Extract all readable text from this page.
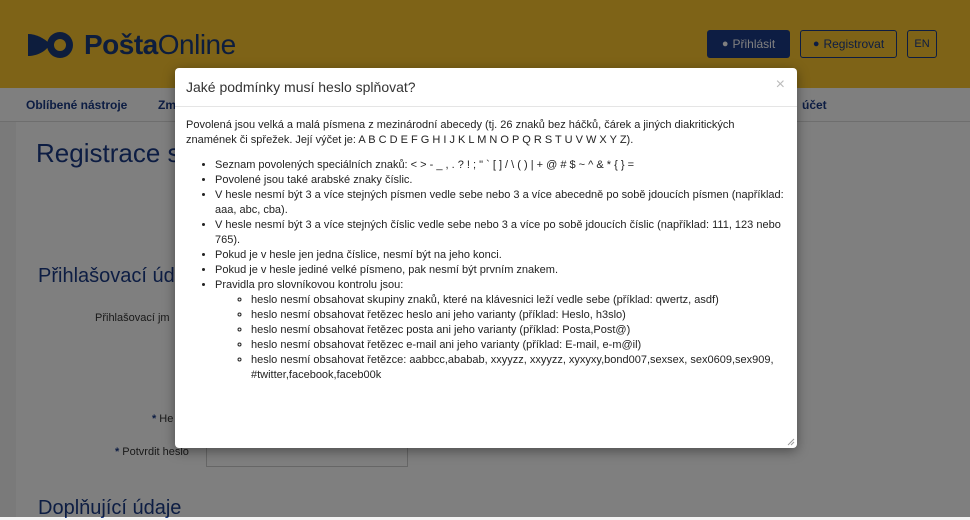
Jaké podmínky musí heslo splňovat?	×

Povolená jsou velká a malá písmena z mezinárodní abecedy (tj. 26 znaků bez háčků, čárek a jiných diakritických znamének či spřežek. Její výčet je: A B C D E F G H I J K L M N O P Q R S T U V W X Y Z).

• Seznam povolených speciálních znaků: < > - _ , . ? ! ; " ` [ ] / \ ( ) | + @ # $ ~ ^ & * { } =
• Povolené jsou také arabské znaky číslic.
• V hesle nesmí být 3 a více stejných písmen vedle sebe nebo 3 a více abecedně po sobě jdoucích písmen (například: aaa, abc, cba).
• V hesle nesmí být 3 a více stejných číslic vedle sebe nebo 3 a více po sobě jdoucích číslic (například: 111, 123 nebo 765).
• Pokud je v hesle jen jedna číslice, nesmí být na jeho konci.
• Pokud je v hesle jediné velké písmeno, pak nesmí být prvním znakem.
• Pravidla pro slovníkovou kontrolu jsou:
◦ heslo nesmí obsahovat skupiny znaků, které na klávesnici leží vedle sebe (příklad: qwertz, asdf)
◦ heslo nesmí obsahovat řetězec heslo ani jeho varianty (příklad: Heslo, h3slo)
◦ heslo nesmí obsahovat řetězec posta ani jeho varianty (příklad: Posta,Post@)
◦ heslo nesmí obsahovat řetězec e-mail ani jeho varianty (příklad: E-mail, e-m@il)
◦ heslo nesmí obsahovat řetězce: aabbcc,ababab, xxyyzz, xxyyzz, xyxyxy,bond007,sexsex, sex0609,sex909, #twitter,facebook,faceb00k
